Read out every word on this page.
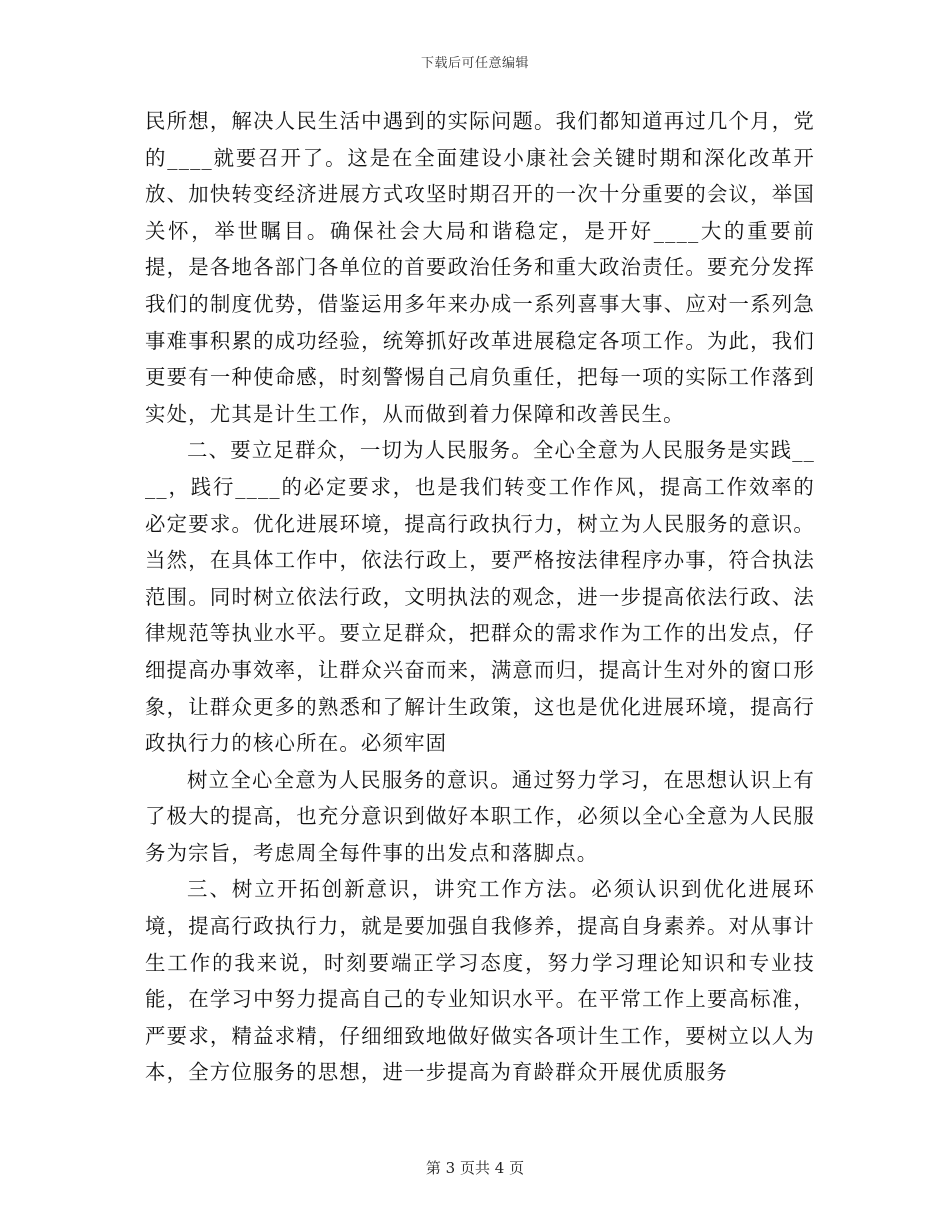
下载后可任意编辑

民所想，解决人民生活中遇到的实际问题。我们都知道再过几个月，党的____就要召开了。这是在全面建设小康社会关键时期和深化改革开放、加快转变经济进展方式攻坚时期召开的一次十分重要的会议，举国关怀，举世瞩目。确保社会大局和谐稳定，是开好____大的重要前提，是各地各部门各单位的首要政治任务和重大政治责任。要充分发挥我们的制度优势，借鉴运用多年来办成一系列喜事大事、应对一系列急事难事积累的成功经验，统筹抓好改革进展稳定各项工作。为此，我们更要有一种使命感，时刻警惕自己肩负重任，把每一项的实际工作落到实处，尤其是计生工作，从而做到着力保障和改善民生。

二、要立足群众，一切为人民服务。全心全意为人民服务是实践____，践行____的必定要求，也是我们转变工作作风，提高工作效率的必定要求。优化进展环境，提高行政执行力，树立为人民服务的意识。当然，在具体工作中，依法行政上，要严格按法律程序办事，符合执法范围。同时树立依法行政，文明执法的观念，进一步提高依法行政、法律规范等执业水平。要立足群众，把群众的需求作为工作的出发点，仔细提高办事效率，让群众兴奋而来，满意而归，提高计生对外的窗口形象，让群众更多的熟悉和了解计生政策，这也是优化进展环境，提高行政执行力的核心所在。必须牢固

树立全心全意为人民服务的意识。通过努力学习，在思想认识上有了极大的提高，也充分意识到做好本职工作，必须以全心全意为人民服务为宗旨，考虑周全每件事的出发点和落脚点。

三、树立开拓创新意识，讲究工作方法。必须认识到优化进展环境，提高行政执行力，就是要加强自我修养，提高自身素养。对从事计生工作的我来说，时刻要端正学习态度，努力学习理论知识和专业技能，在学习中努力提高自己的专业知识水平。在平常工作上要高标准，严要求，精益求精，仔细细致地做好做实各项计生工作，要树立以人为本，全方位服务的思想，进一步提高为育龄群众开展优质服务

第 3 页共 4 页
